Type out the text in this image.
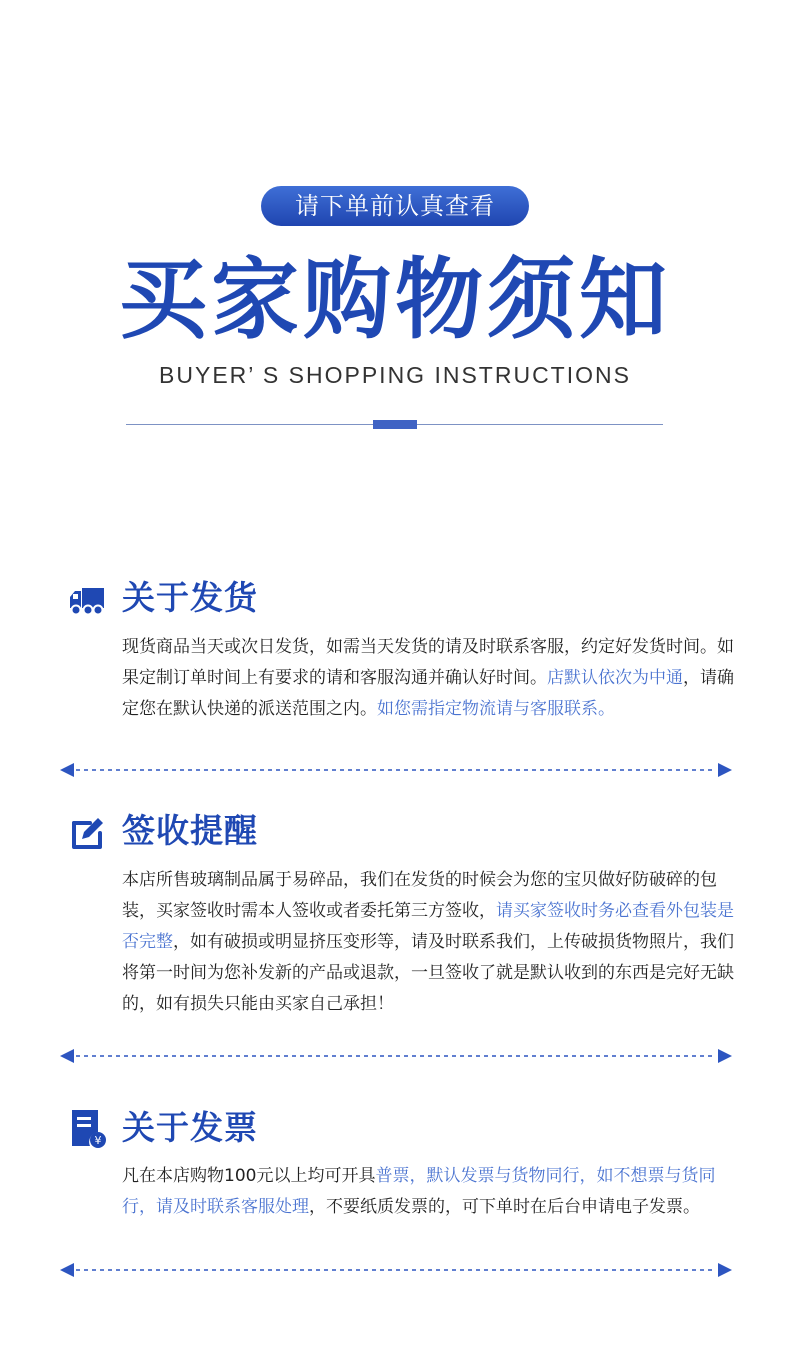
请下单前认真查看
买家购物须知
BUYER’ S SHOPPING INSTRUCTIONS
关于发货
现货商品当天或次日发货，如需当天发货的请及时联系客服，约定好发货时间。如果定制订单时间上有要求的请和客服沟通并确认好时间。店默认依次为中通，请确定您在默认快递的派送范围之内。如您需指定物流请与客服联系。
签收提醒
本店所售玻璃制品属于易碎品，我们在发货的时候会为您的宝贝做好防破碎的包装，买家签收时需本人签收或者委托第三方签收，请买家签收时务必查看外包装是否完整，如有破损或明显挤压变形等，请及时联系我们，上传破损货物照片，我们将第一时间为您补发新的产品或退款，一旦签收了就是默认收到的东西是完好无缺的，如有损失只能由买家自己承担！
¥ 关于发票
凡在本店购物100元以上均可开具普票，默认发票与货物同行，如不想票与货同行，请及时联系客服处理，不要纸质发票的，可下单时在后台申请电子发票。
